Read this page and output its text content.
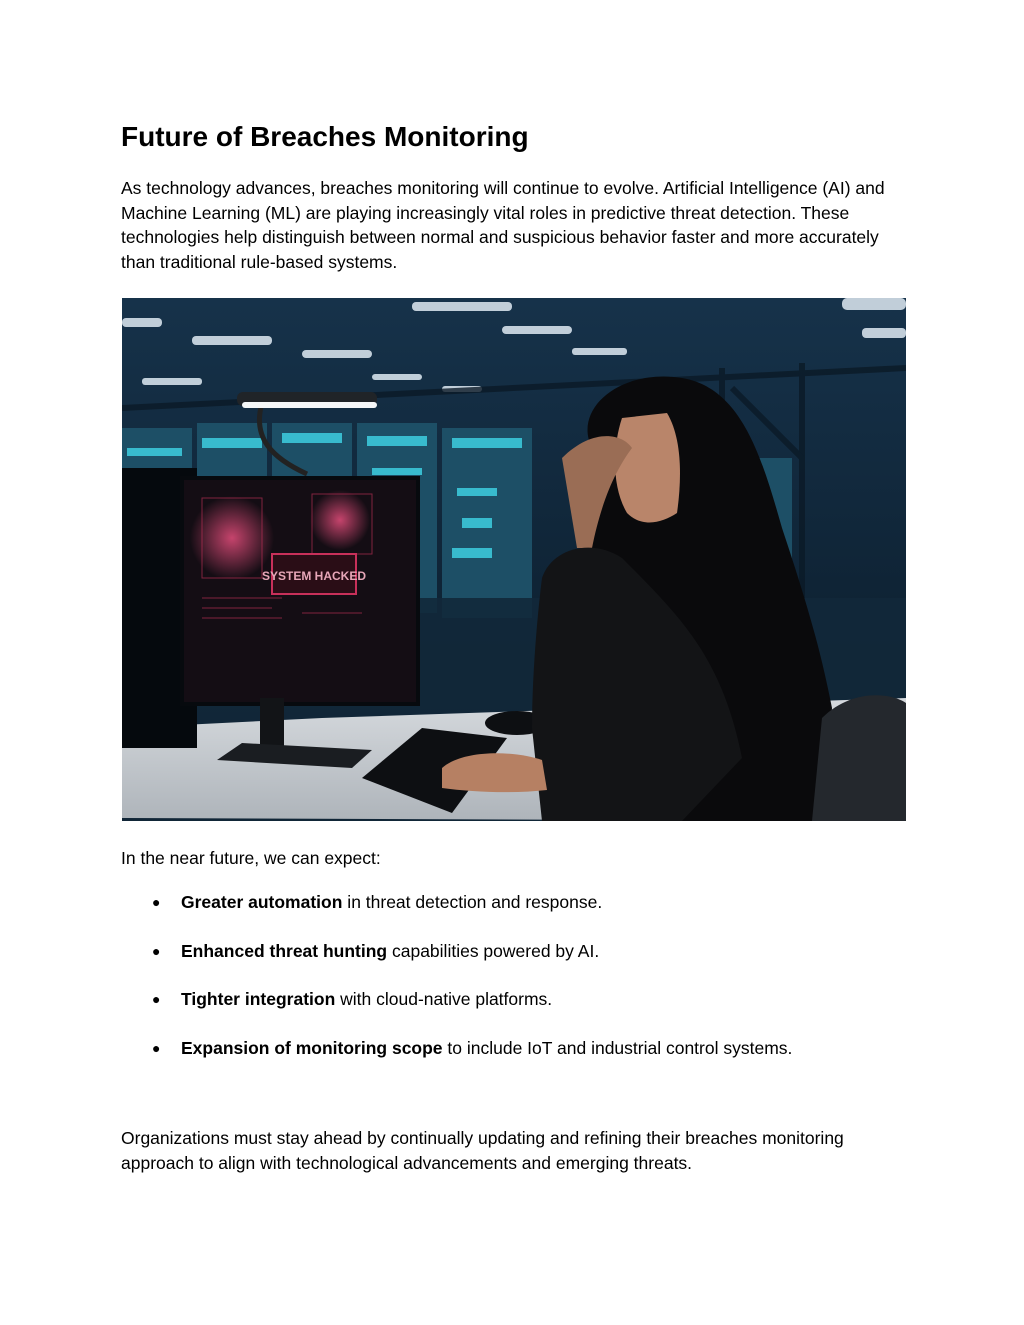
Future of Breaches Monitoring

As technology advances, breaches monitoring will continue to evolve. Artificial Intelligence (AI) and Machine Learning (ML) are playing increasingly vital roles in predictive threat detection. These technologies help distinguish between normal and suspicious behavior faster and more accurately than traditional rule-based systems.

SYSTEM HACKED

In the near future, we can expect:

● Greater automation in threat detection and response.
● Enhanced threat hunting capabilities powered by AI.
● Tighter integration with cloud-native platforms.
● Expansion of monitoring scope to include IoT and industrial control systems.

Organizations must stay ahead by continually updating and refining their breaches monitoring approach to align with technological advancements and emerging threats.
